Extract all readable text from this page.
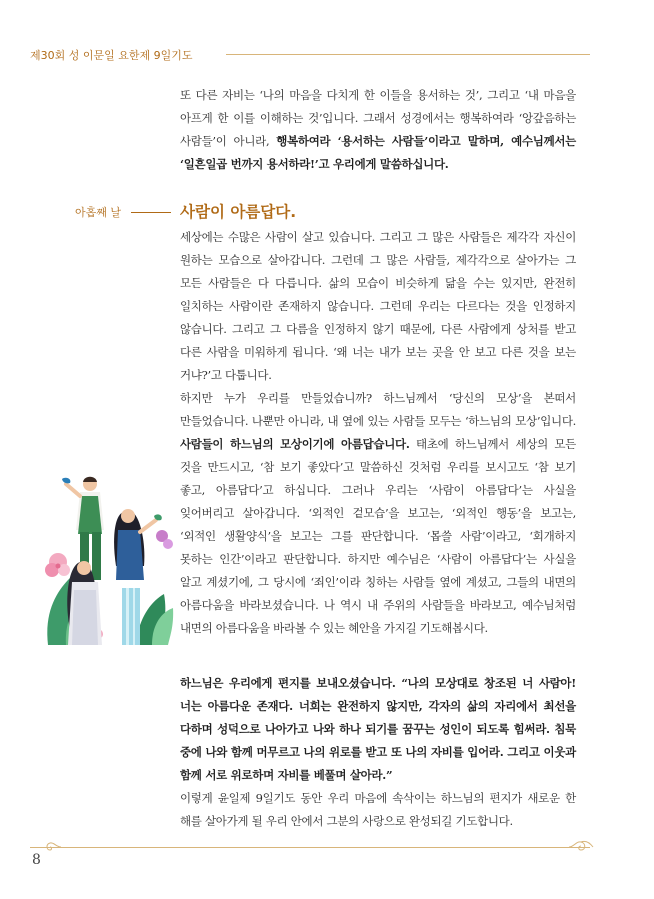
제30회 성 이문일 요한제 9일기도

또 다른 자비는 ‘나의 마음을 다치게 한 이들을 용서하는 것’, 그리고 ‘내 마음을 아프게 한 이를 이해하는 것’입니다. 그래서 성경에서는 행복하여라 ‘앙갚음하는 사람들’이 아니라, 행복하여라 ‘용서하는 사람들’이라고 말하며, 예수님께서는 ‘일흔일곱 번까지 용서하라!’고 우리에게 말씀하십니다.

아홉째 날	사람이 아름답다.

세상에는 수많은 사람이 살고 있습니다. 그리고 그 많은 사람들은 제각각 자신이 원하는 모습으로 살아갑니다. 그런데 그 많은 사람들, 제각각으로 살아가는 그 모든 사람들은 다 다릅니다. 삶의 모습이 비슷하게 닮을 수는 있지만, 완전히 일치하는 사람이란 존재하지 않습니다. 그런데 우리는 다르다는 것을 인정하지 않습니다. 그리고 그 다름을 인정하지 않기 때문에, 다른 사람에게 상처를 받고 다른 사람을 미워하게 됩니다. ‘왜 너는 내가 보는 곳을 안 보고 다른 것을 보는 거냐?’고 다툽니다.

하지만 누가 우리를 만들었습니까? 하느님께서 ‘당신의 모상’을 본떠서 만들었습니다. 나뿐만 아니라, 내 옆에 있는 사람들 모두는 ‘하느님의 모상’입니다. 사람들이 하느님의 모상이기에 아름답습니다. 태초에 하느님께서 세상의 모든 것을 만드시고, ‘참 보기 좋았다’고 말씀하신 것처럼 우리를 보시고도 ‘참 보기 좋고, 아름답다’고 하십니다. 그러나 우리는 ‘사람이 아름답다’는 사실을 잊어버리고 살아갑니다. ‘외적인 겉모습’을 보고는, ‘외적인 행동’을 보고는, ‘외적인 생활양식’을 보고는 그를 판단합니다. ‘몹쓸 사람’이라고, ‘회개하지 못하는 인간’이라고 판단합니다. 하지만 예수님은 ‘사람이 아름답다’는 사실을 알고 계셨기에, 그 당시에 ‘죄인’이라 칭하는 사람들 옆에 계셨고, 그들의 내면의 아름다움을 바라보셨습니다. 나 역시 내 주위의 사람들을 바라보고, 예수님처럼 내면의 아름다움을 바라볼 수 있는 혜안을 가지길 기도해봅시다.

하느님은 우리에게 편지를 보내오셨습니다. “나의 모상대로 창조된 너 사람아! 너는 아름다운 존재다. 너희는 완전하지 않지만, 각자의 삶의 자리에서 최선을 다하며 성덕으로 나아가고 나와 하나 되기를 꿈꾸는 성인이 되도록 힘써라. 침묵 중에 나와 함께 머무르고 나의 위로를 받고 또 나의 자비를 입어라. 그리고 이웃과 함께 서로 위로하며 자비를 베풀며 살아라.”

이렇게 윤일제 9일기도 동안 우리 마음에 속삭이는 하느님의 편지가 새로운 한 해를 살아가게 될 우리 안에서 그분의 사랑으로 완성되길 기도합니다.

8
